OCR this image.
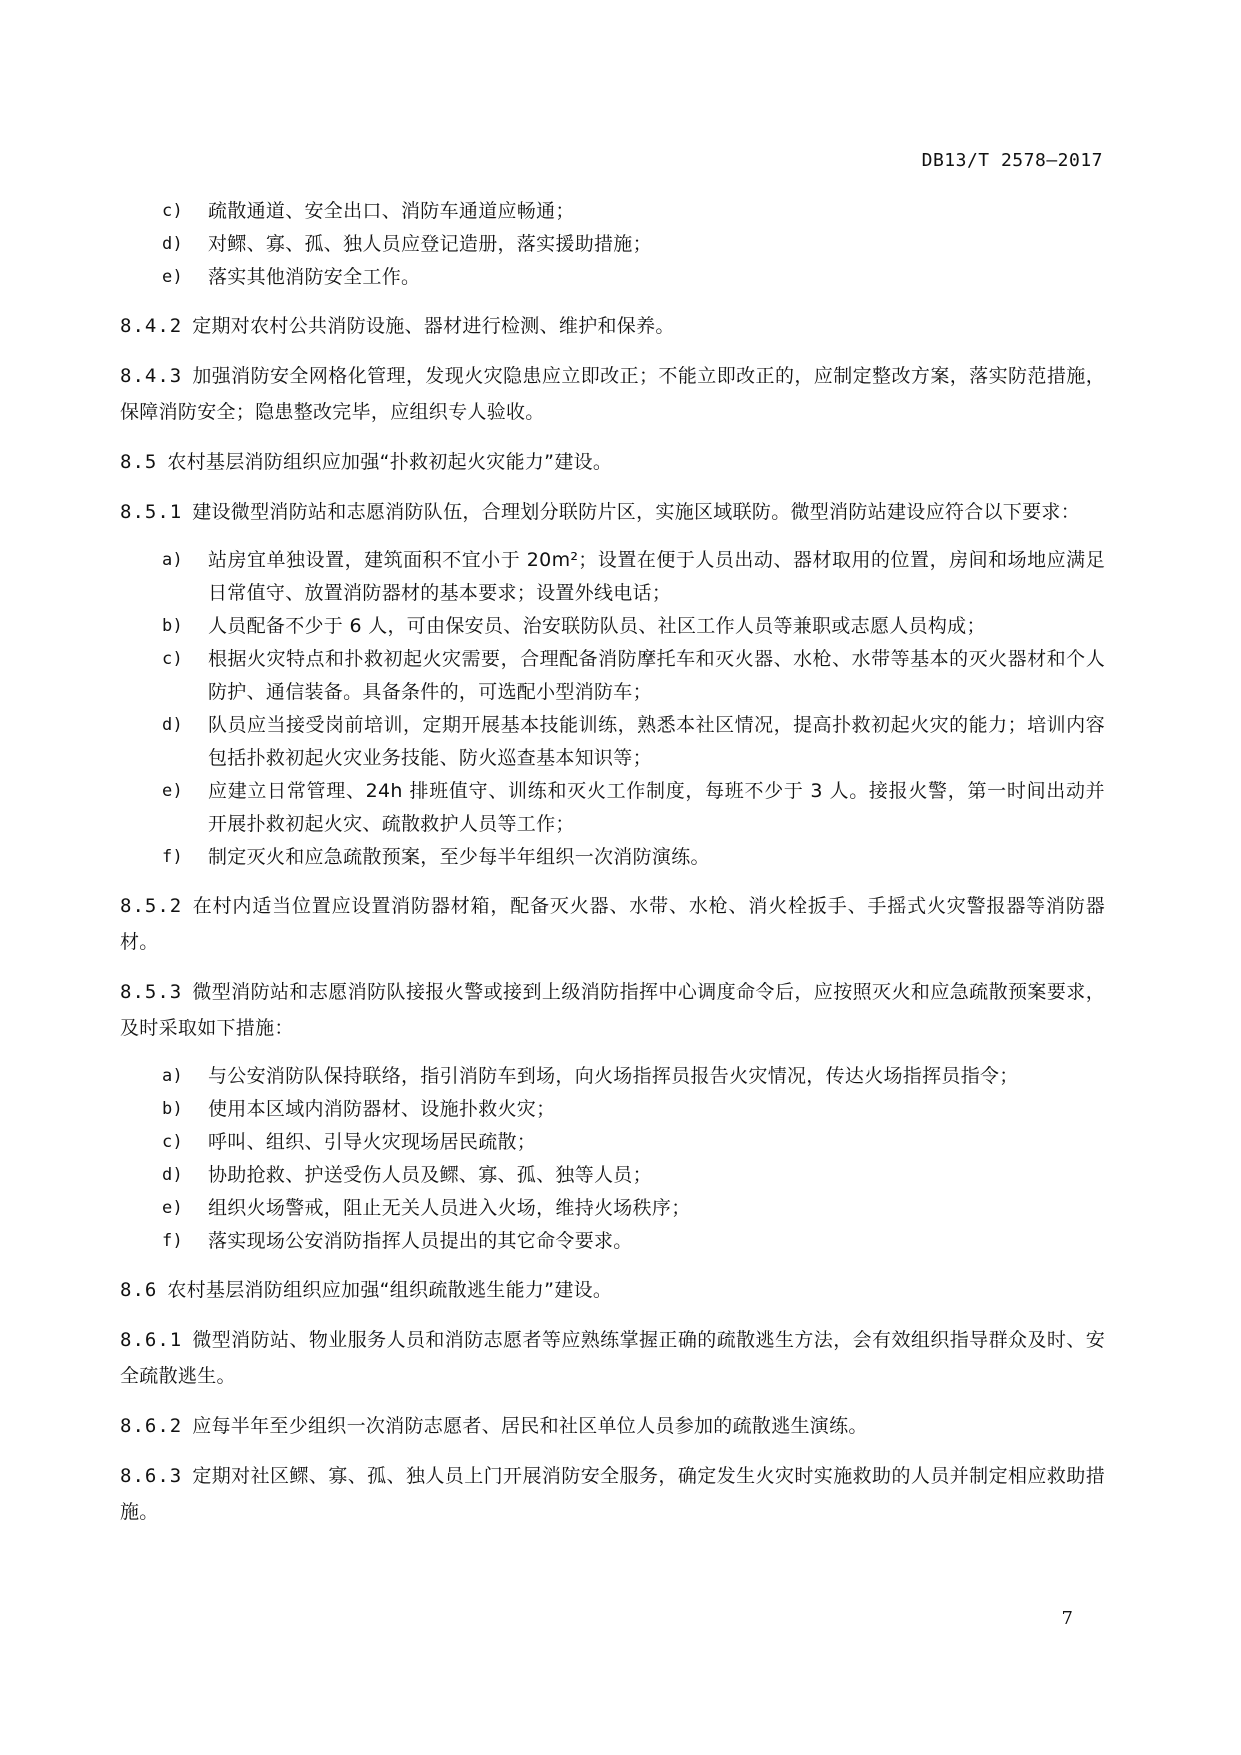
DB13/T 2578—2017
c) 疏散通道、安全出口、消防车通道应畅通；
d) 对鳏、寡、孤、独人员应登记造册，落实援助措施；
e) 落实其他消防安全工作。

8.4.2 定期对农村公共消防设施、器材进行检测、维护和保养。

8.4.3 加强消防安全网格化管理，发现火灾隐患应立即改正；不能立即改正的，应制定整改方案，落实防范措施，保障消防安全；隐患整改完毕，应组织专人验收。

8.5 农村基层消防组织应加强“扑救初起火灾能力”建设。

8.5.1 建设微型消防站和志愿消防队伍，合理划分联防片区，实施区域联防。微型消防站建设应符合以下要求：

a) 站房宜单独设置，建筑面积不宜小于 20m²；设置在便于人员出动、器材取用的位置，房间和场地应满足日常值守、放置消防器材的基本要求；设置外线电话；
b) 人员配备不少于 6 人，可由保安员、治安联防队员、社区工作人员等兼职或志愿人员构成；
c) 根据火灾特点和扑救初起火灾需要，合理配备消防摩托车和灭火器、水枪、水带等基本的灭火器材和个人防护、通信装备。具备条件的，可选配小型消防车；
d) 队员应当接受岗前培训，定期开展基本技能训练，熟悉本社区情况，提高扑救初起火灾的能力；培训内容包括扑救初起火灾业务技能、防火巡查基本知识等；
e) 应建立日常管理、24h 排班值守、训练和灭火工作制度，每班不少于 3 人。接报火警，第一时间出动并开展扑救初起火灾、疏散救护人员等工作；
f) 制定灭火和应急疏散预案，至少每半年组织一次消防演练。

8.5.2 在村内适当位置应设置消防器材箱，配备灭火器、水带、水枪、消火栓扳手、手摇式火灾警报器等消防器材。

8.5.3 微型消防站和志愿消防队接报火警或接到上级消防指挥中心调度命令后，应按照灭火和应急疏散预案要求，及时采取如下措施：

a) 与公安消防队保持联络，指引消防车到场，向火场指挥员报告火灾情况，传达火场指挥员指令；
b) 使用本区域内消防器材、设施扑救火灾；
c) 呼叫、组织、引导火灾现场居民疏散；
d) 协助抢救、护送受伤人员及鳏、寡、孤、独等人员；
e) 组织火场警戒，阻止无关人员进入火场，维持火场秩序；
f) 落实现场公安消防指挥人员提出的其它命令要求。

8.6 农村基层消防组织应加强“组织疏散逃生能力”建设。

8.6.1 微型消防站、物业服务人员和消防志愿者等应熟练掌握正确的疏散逃生方法，会有效组织指导群众及时、安全疏散逃生。

8.6.2 应每半年至少组织一次消防志愿者、居民和社区单位人员参加的疏散逃生演练。

8.6.3 定期对社区鳏、寡、孤、独人员上门开展消防安全服务，确定发生火灾时实施救助的人员并制定相应救助措施。

7
